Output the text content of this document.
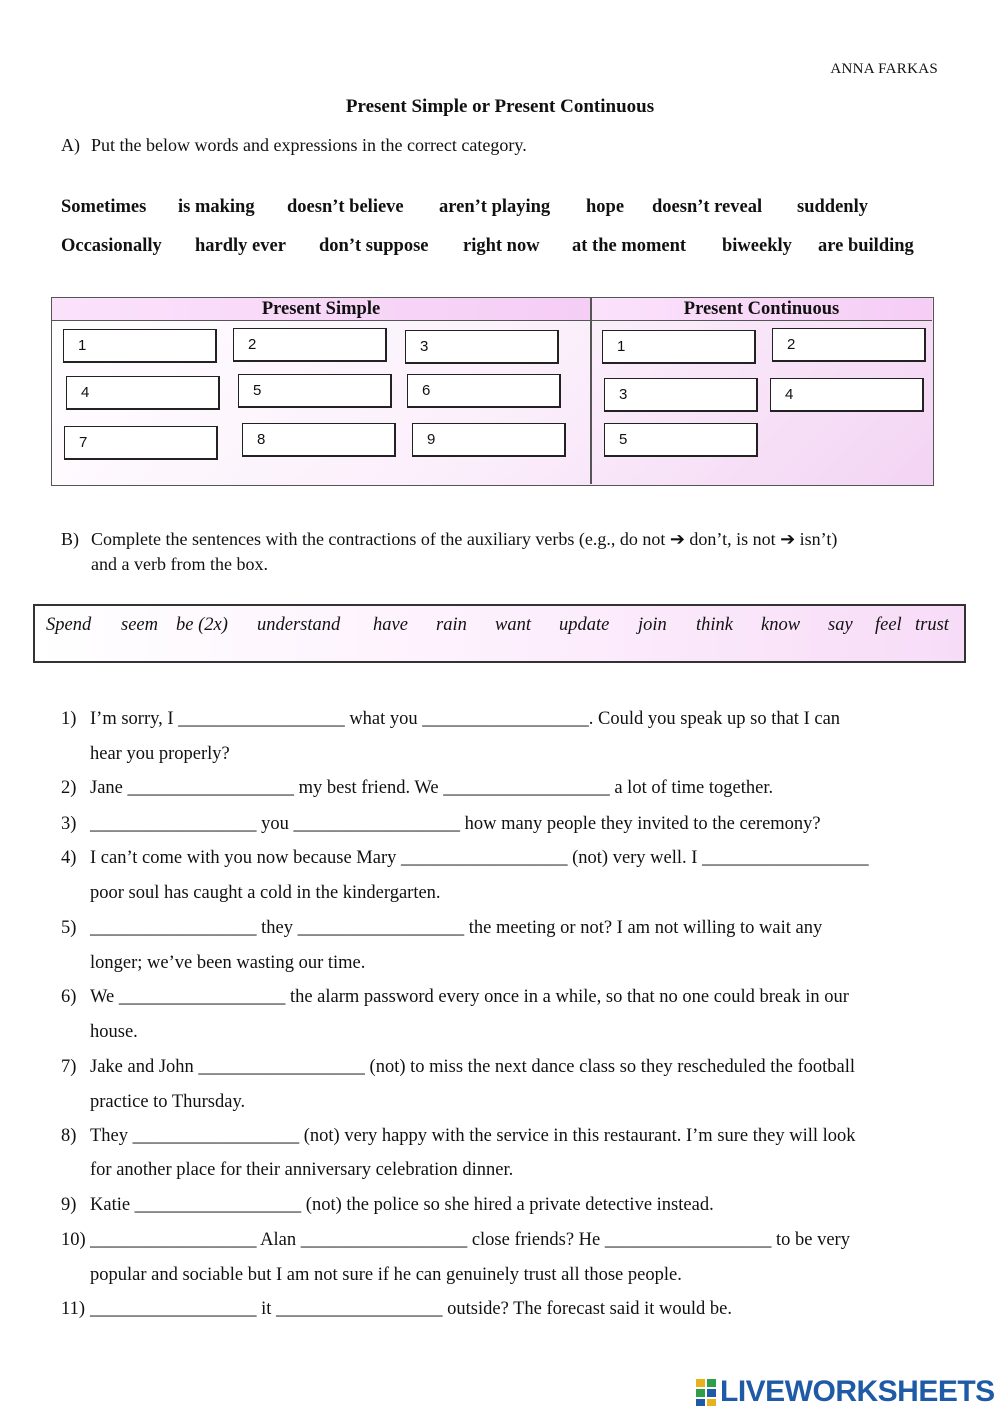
ANNA FARKAS
Present Simple or Present Continuous
A) Put the below words and expressions in the correct category.
Sometimes is making doesn’t believe aren’t playing hope doesn’t reveal suddenly
Occasionally hardly ever don’t suppose right now at the moment biweekly are building
Present Simple	Present Continuous
1	2	3
4	5	6
7	8	9
1	2
3	4
5
B) Complete the sentences with the contractions of the auxiliary verbs (e.g., do not ➔ don’t, is not ➔ isn’t)
and a verb from the box.
Spend seem be (2x) understand have rain want update join think know say feel trust
1) I’m sorry, I __________________ what you __________________. Could you speak up so that I can
hear you properly?
2) Jane __________________ my best friend. We __________________ a lot of time together.
3) __________________ you __________________ how many people they invited to the ceremony?
4) I can’t come with you now because Mary __________________ (not) very well. I __________________
poor soul has caught a cold in the kindergarten.
5) __________________ they __________________ the meeting or not? I am not willing to wait any
longer; we’ve been wasting our time.
6) We __________________ the alarm password every once in a while, so that no one could break in our
house.
7) Jake and John __________________ (not) to miss the next dance class so they rescheduled the football
practice to Thursday.
8) They __________________ (not) very happy with the service in this restaurant. I’m sure they will look
for another place for their anniversary celebration dinner.
9) Katie __________________ (not) the police so she hired a private detective instead.
10) __________________ Alan __________________ close friends? He __________________ to be very
popular and sociable but I am not sure if he can genuinely trust all those people.
11) __________________ it __________________ outside? The forecast said it would be.
LIVEWORKSHEETS
